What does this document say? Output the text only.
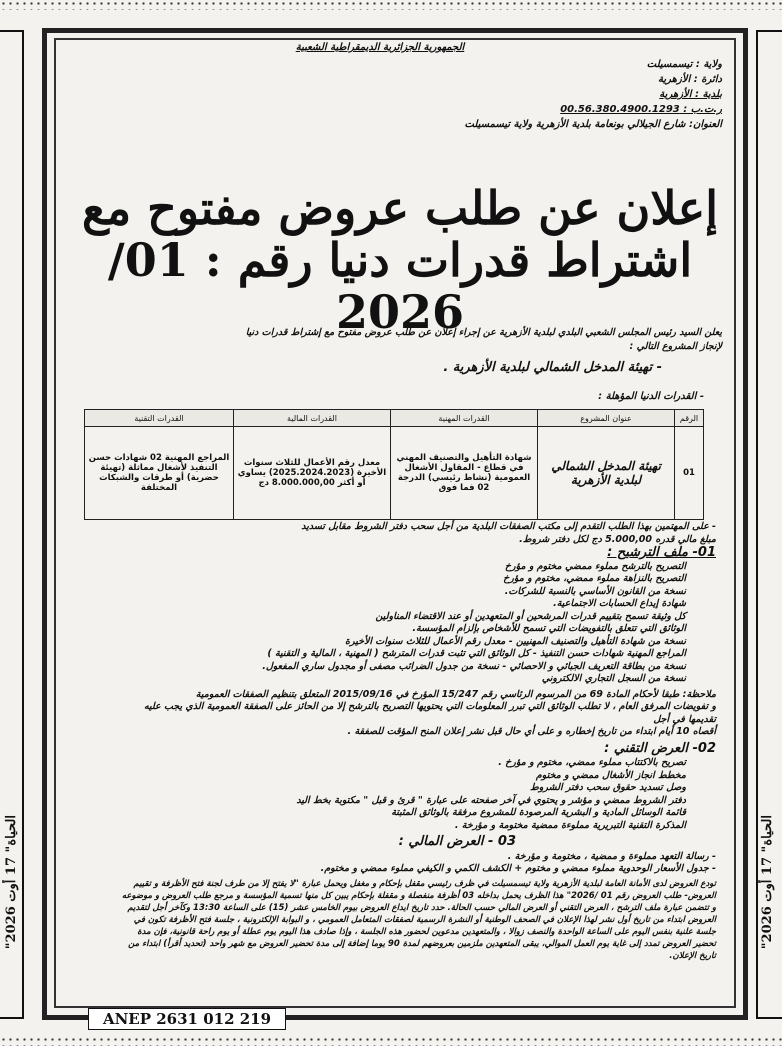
"الحياة" 17 أوت 2026
"الحياة" 17 أوت 2026
الجمهورية الجزائرية الديمقراطية الشعبية
ولاية : تيسمسيلت
دائرة : الأزهرية
بلدية : الأزهرية
ر.ت.ب : 00.56.380.4900.1293
العنوان: شارع الجيلالي بونعامة بلدية الأزهرية ولاية تيسمسيلت
إعلان عن طلب عروض مفتوح مع
اشتراط قدرات دنيا رقم : 01/ 2026
يعلن السيد رئيس المجلس الشعبي البلدي لبلدية الأزهرية عن إجراء إعلان عن طلب عروض مفتوح مع إشتراط قدرات دنيا
لإنجاز المشروع التالي :
- تهيئة المدخل الشمالي لبلدية الأزهرية .
- القدرات الدنيا المؤهلة :
الرقم	عنوان المشروع	القدرات المهنية	القدرات المالية	القدرات التقنية
01	تهيئة المدخل الشمالي لبلدية الأزهرية	شهادة التأهيل والتصنيف المهني في قطاع - المقاول الأشغال العمومية (نشاط رئيسي) الدرجة 02 فما فوق	معدل رقم الأعمال للثلاث سنوات الأخيرة (2025.2024.2023) يساوي أو أكثر 8.000.000,00 دج	المراجع المهنية 02 شهادات حسن التنفيذ لأشغال مماثلة (تهيئة حضرية) أو طرقات والشبكات المختلفة

- على المهتمين بهذا الطلب التقدم إلى مكتب الصفقات البلدية من أجل سحب دفتر الشروط مقابل تسديد

مبلغ مالي قدره 5.000,00 دج لكل دفتر شروط.

01- ملف الترشيح :

التصريح بالترشح مملوء ممضي مختوم و مؤرخ

التصريح بالنزاهة مملوء ممضي، مختوم و مؤرخ

نسخة من القانون الأساسي بالنسبة للشركات.

شهادة إيداع الحسابات الاجتماعية.

كل وثيقة تسمح بتقييم قدرات المرشحين أو المتعهدين أو عند الاقتضاء المناولين

الوثائق التي تتعلق بالتفويضات التي تسمح للأشخاص بإلزام المؤسسة.

نسخة من شهادة التأهيل والتصنيف المهنيين - معدل رقم الأعمال للثلاث سنوات الأخيرة

المراجع المهنية شهادات حسن التنفيذ - كل الوثائق التي تثبت قدرات المترشح ( المهنية ، المالية و التقنية )

نسخة من بطاقة التعريف الجبائي و الاحصائي - نسخة من جدول الضرائب مصفى أو مجدول ساري المفعول.

نسخة من السجل التجاري الالكتروني

ملاحظة: طبقا لأحكام المادة 69 من المرسوم الرئاسي رقم 15/247 المؤرخ في 2015/09/16 المتعلق بتنظيم الصفقات العمومية

و تفويضات المرفق العام ، لا تطلب الوثائق التي تبرر المعلومات التي يحتويها التصريح بالترشح إلا من الحائز على الصفقة العمومية الذي يجب عليه تقديمها في أجل

أقصاه 10 أيام ابتداء من تاريخ إخطاره و على أي حال قبل نشر إعلان المنح المؤقت للصفقة .

02- العرض التقني :

تصريح بالاكتتاب مملوء ممضي، مختوم و مؤرخ .

مخطط انجاز الأشغال ممضي و مختوم

وصل تسديد حقوق سحب دفتر الشروط

دفتر الشروط ممضي و مؤشر و يحتوي في آخر صفحته على عبارة " قرئ و قبل " مكتوبة بخط اليد

قائمة الوسائل المادية و البشرية المرصودة للمشروع مرفقة بالوثائق المثبتة

المذكرة التقنية التبريرية مملوءة ممضية مختومة و مؤرخة .

03 - العرض المالي :

- رسالة التعهد مملوءة و ممضية ، مختومة و مؤرخة .

- جدول الأسعار الوحدوية مملوء ممضي و مختوم + الكشف الكمي و الكيفي مملوء ممضي و مختوم.

تودع العروض لدى الأمانة العامة لبلدية الأزهرية ولاية تيسمسيلت في ظرف رئيسي مقفل بإحكام و مغفل ويحمل عبارة "لا يفتح إلا من طرف لجنة فتح الأظرفة و تقييم العروض- طلب العروض رقم 01 /2026" هذا الظرف يحمل بداخله 03 أظرفة منفصلة و مقفلة بإحكام يبين كل منها تسمية المؤسسة و مرجع طلب العروض و موضوعه و تتضمن عبارة ملف الترشح ، العرض التقني أو العرض المالي حسب الحالة. حدد تاريخ ايداع العروض بيوم الخامس عشر (15) على الساعة 13:30 وكآخر أجل لتقديم العروض ابتداء من تاريخ أول نشر لهذا الإعلان في الصحف الوطنية أو النشرة الرسمية لصفقات المتعامل العمومي ، و البوابة الإلكترونية ، جلسة فتح الأظرفة تكون في جلسة علنية بنفس اليوم على الساعة الواحدة والنصف زوالا ، والمتعهدين مدعوين لحضور هذه الجلسة ، وإذا صادف هذا اليوم يوم عطلة أو يوم راحة قانونية، فإن مدة تحضير العروض تمدد إلى غاية يوم العمل الموالي، يبقى المتعهدين ملزمين بعروضهم لمدة 90 يوما إضافة إلى مدة تحضير العروض مع شهر واحد (تحديد أقرأ) ابتداء من تاريخ الإعلان.

ANEP 2631 012 219
